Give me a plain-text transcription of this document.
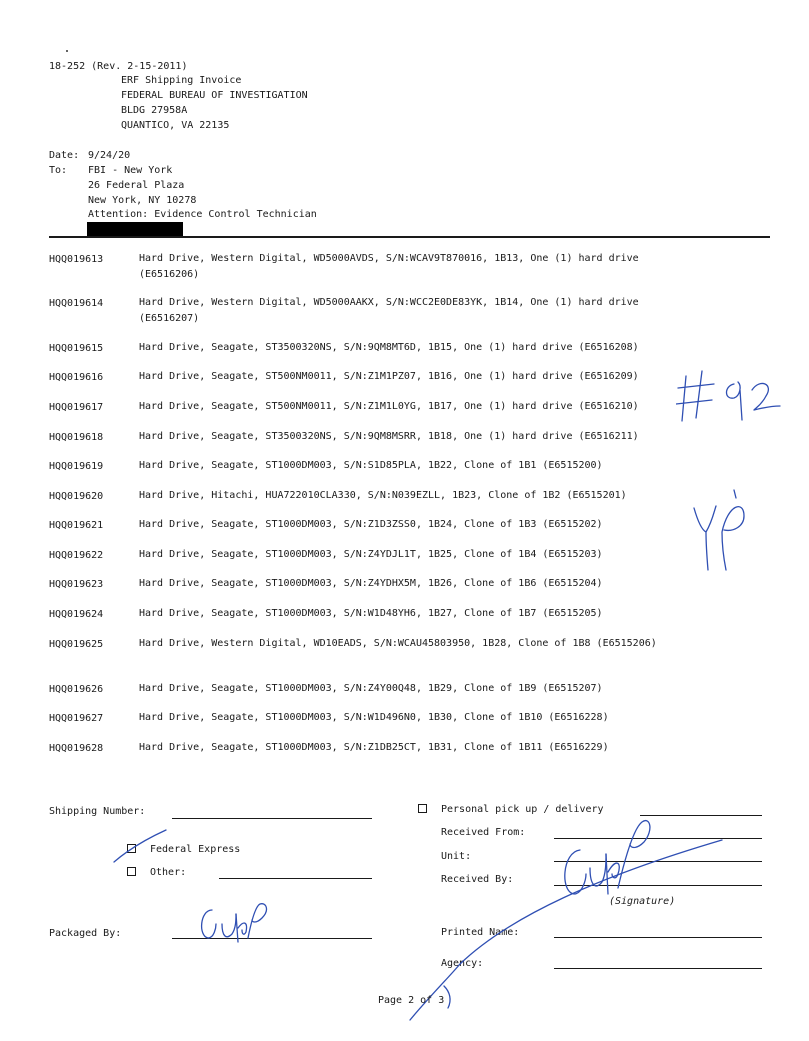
18-252 (Rev. 2-15-2011)
ERF Shipping Invoice
FEDERAL BUREAU OF INVESTIGATION
BLDG 27958A
QUANTICO, VA 22135
Date: 9/24/20
To: FBI - New York
26 Federal Plaza
New York, NY 10278
Attention: Evidence Control Technician
HQQ019613	Hard Drive, Western Digital, WD5000AVDS, S/N:WCAV9T870016, 1B13, One (1) hard drive (E6516206)
HQQ019614	Hard Drive, Western Digital, WD5000AAKX, S/N:WCC2E0DE83YK, 1B14, One (1) hard drive (E6516207)
HQQ019615	Hard Drive, Seagate, ST3500320NS, S/N:9QM8MT6D, 1B15, One (1) hard drive (E6516208)
HQQ019616	Hard Drive, Seagate, ST500NM0011, S/N:Z1M1PZ07, 1B16, One (1) hard drive (E6516209)
HQQ019617	Hard Drive, Seagate, ST500NM0011, S/N:Z1M1L0YG, 1B17, One (1) hard drive (E6516210)
HQQ019618	Hard Drive, Seagate, ST3500320NS, S/N:9QM8MSRR, 1B18, One (1) hard drive (E6516211)
HQQ019619	Hard Drive, Seagate, ST1000DM003, S/N:S1D85PLA, 1B22, Clone of 1B1 (E6515200)
HQQ019620	Hard Drive, Hitachi, HUA722010CLA330, S/N:N039EZLL, 1B23, Clone of 1B2 (E6515201)
HQQ019621	Hard Drive, Seagate, ST1000DM003, S/N:Z1D3ZSS0, 1B24, Clone of 1B3 (E6515202)
HQQ019622	Hard Drive, Seagate, ST1000DM003, S/N:Z4YDJL1T, 1B25, Clone of 1B4 (E6515203)
HQQ019623	Hard Drive, Seagate, ST1000DM003, S/N:Z4YDHX5M, 1B26, Clone of 1B6 (E6515204)
HQQ019624	Hard Drive, Seagate, ST1000DM003, S/N:W1D48YH6, 1B27, Clone of 1B7 (E6515205)
HQQ019625	Hard Drive, Western Digital, WD10EADS, S/N:WCAU45803950, 1B28, Clone of 1B8 (E6515206)
HQQ019626	Hard Drive, Seagate, ST1000DM003, S/N:Z4Y00Q48, 1B29, Clone of 1B9 (E6515207)
HQQ019627	Hard Drive, Seagate, ST1000DM003, S/N:W1D496N0, 1B30, Clone of 1B10 (E6516228)
HQQ019628	Hard Drive, Seagate, ST1000DM003, S/N:Z1DB25CT, 1B31, Clone of 1B11 (E6516229)
Shipping Number:
Federal Express
Other:
Packaged By:
Personal pick up / delivery
Received From:
Unit:
Received By:
(Signature)
Printed Name:
Agency:
Page 2 of 3
